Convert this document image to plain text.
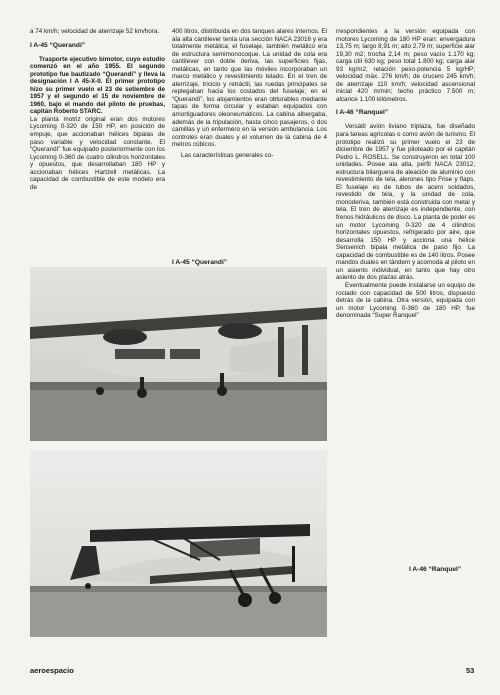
a 74 km/h; velocidad de aterrizaje 52 km/hora.

I A-45 “Querandí”

Trasporte ejecutivo bimotor, cuyo estudio comenzó en el año 1955. El segundo prototipo fue bautizado “Querandí” y lleva la designación I A 45-X-II. El primer prototipo hizo su primer vuelo el 23 de setiembre de 1957 y el segundo el 15 de noviembre de 1960, bajo el mando del piloto de pruebas, capitán Roberto STARC.

La planta motriz original eran dos motores Lycoming 0-320 de 150 HP, en posición de empuje, que accionaban hélices bipalas de paso variable y velocidad constante. El “Querandí” fue equipado posteriormente con los Lycoming 0-360 de cuatro cilindros horizontales y opuestos, que desarrollaban 180 HP y accionaban hélices Hartzell metálicas. La capacidad de combustible de este modelo era de

400 litros, distribuida en dos tanques alares internos. El ala alta cantilever tenía una sección NACA 23016 y era totalmente metálica; el fuselaje, también metálico era de estructura semimonocoque. La unidad de cola era cantilever con doble deriva, las superficies fijas, metálicas, en tanto que las móviles incorporaban un marco metálico y revestimiento telado. En el tren de aterrizaje, triciclo y retráctil, las ruedas principales se replegaban hacia los costados del fuselaje; en el “Querandí”, los alojamientos eran obturables mediante tapas de forma circular y estaban equipados con amortiguadores oleoneumáticos. La cabina albergaba, además de la tripulación, hasta cinco pasajeros, o dos camillas y un enfermero en la versión ambulancia. Los controles eran duales y el volumen de la cabina de 4 metros cúbicos.

Las características generales co-

rrespondientes a la versión equipada con motores Lycoming de 180 HP eran: envergadura 13,75 m; largo 8,91 m; alto 2,79 m; superficie alar 19,30 m2; trocha 2,14 m; peso vacío 1.170 kg; carga útil 630 kg; peso total 1.800 kg; carga alar 93 kg/m2; relación peso-potencia 5 kg/HP; velocidad máx. 276 km/h; de crucero 245 km/h; de aterrizaje 110 km/h; velocidad ascensional inicial 420 m/min; techo práctico 7.500 m; alcance 1.100 kilómetros.

I A-46 “Ranquel”

Versátil avión liviano triplaza, fue diseñado para tareas agrícolas o como avión de turismo. El prototipo realizó su primer vuelo el 23 de diciembre de 1957 y fue piloteado por el capitán Pedro L. ROSELL. Se construyeron en total 100 unidades. Posee ala alta, perfil NACA 23012, estructura bilarguera de aleación de aluminio con revestimiento de tela, alerones tipo Frise y flaps. El fuselaje es de tubos de acero soldados, revestido de tela, y la unidad de cola, monoderiva, también está construida con metal y tela. El tren de aterrizaje es independiente, con frenos hidráulicos de disco. La planta de poder es un motor Lycoming 0-320 de 4 cilindros horizontales opuestos, refrigerado por aire, que desarrolla 150 HP y acciona una hélice Sensenich bipala metálica de paso fijo. La capacidad de combustible es de 140 litros. Posee mandos duales en tándem y acomoda al piloto en un asiento individual, en tanto que hay otro asiento de dos plazas atrás.

Eventualmente puede instalarse un equipo de rociado con capacidad de 500 litros, dispuesto detrás de la cabina. Otra versión, equipada con un motor Lycoming 0-360 de 180 HP, fue denominada “Super Ranquel”

I A-45 “Querandí”
I A-46 “Ranquel”
aeroespacio	53
